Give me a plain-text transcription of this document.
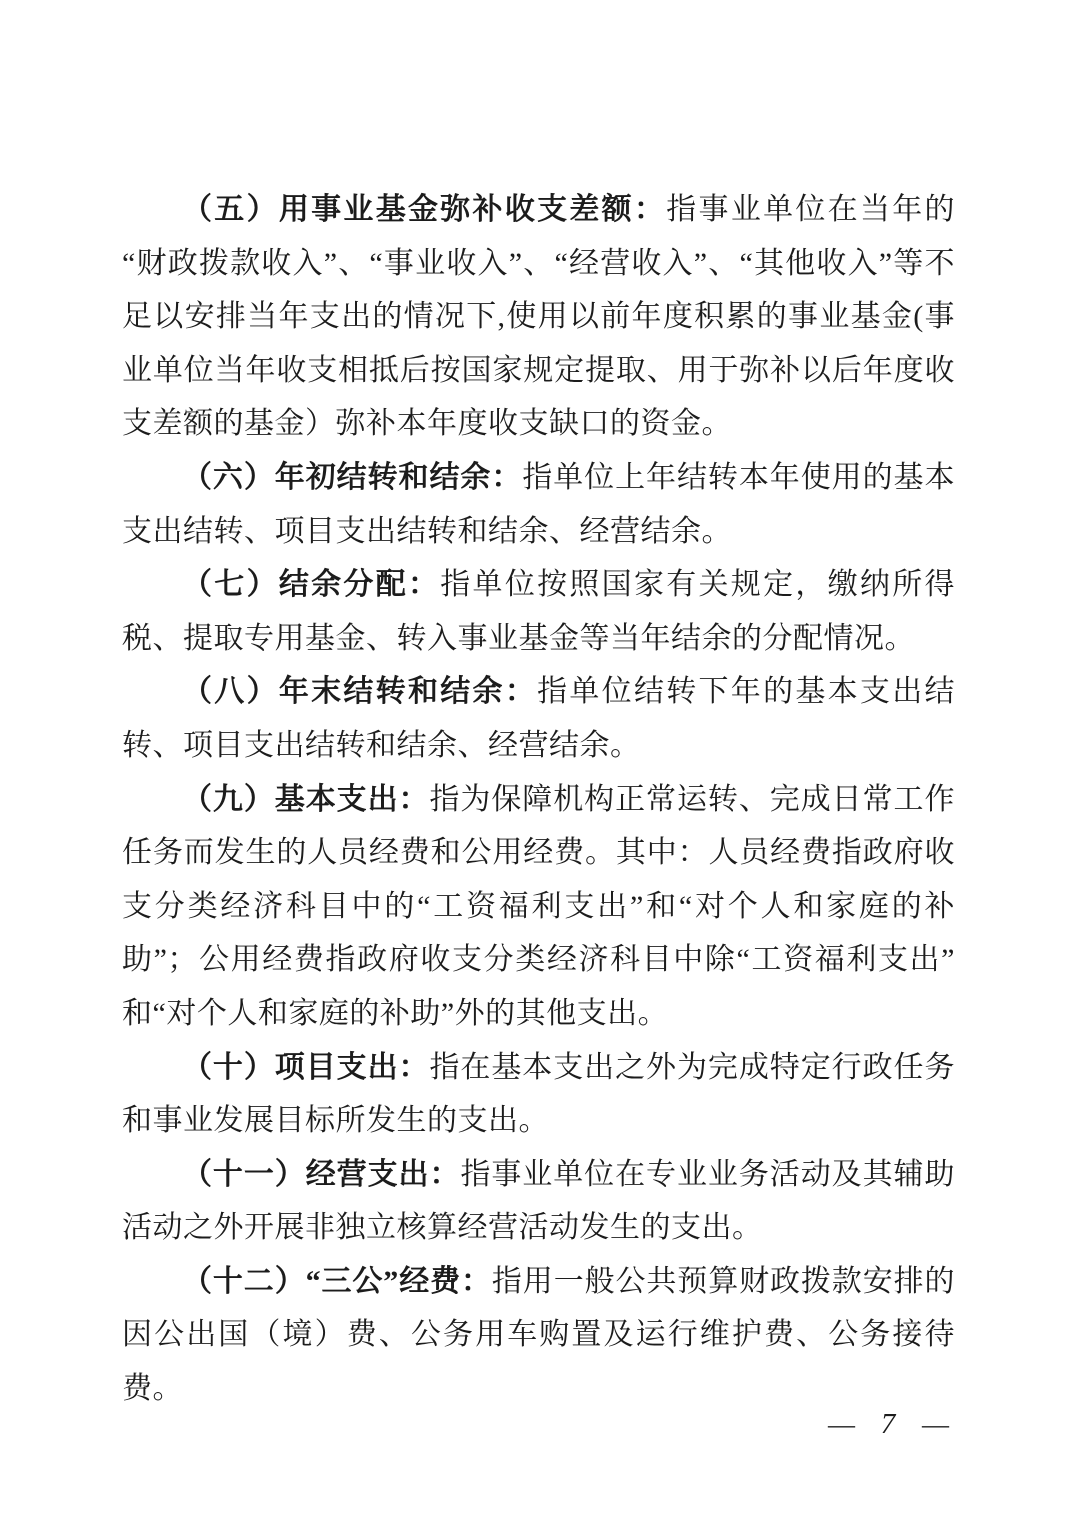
（五）用事业基金弥补收支差额：指事业单位在当年的“财政拨款收入”、“事业收入”、“经营收入”、“其他收入”等不足以安排当年支出的情况下,使用以前年度积累的事业基金(事业单位当年收支相抵后按国家规定提取、用于弥补以后年度收支差额的基金）弥补本年度收支缺口的资金。

（六）年初结转和结余：指单位上年结转本年使用的基本支出结转、项目支出结转和结余、经营结余。

（七）结余分配：指单位按照国家有关规定，缴纳所得税、提取专用基金、转入事业基金等当年结余的分配情况。

（八）年末结转和结余：指单位结转下年的基本支出结转、项目支出结转和结余、经营结余。

（九）基本支出：指为保障机构正常运转、完成日常工作任务而发生的人员经费和公用经费。其中：人员经费指政府收支分类经济科目中的“工资福利支出”和“对个人和家庭的补助”；公用经费指政府收支分类经济科目中除“工资福利支出”和“对个人和家庭的补助”外的其他支出。

（十）项目支出：指在基本支出之外为完成特定行政任务和事业发展目标所发生的支出。

（十一）经营支出：指事业单位在专业业务活动及其辅助活动之外开展非独立核算经营活动发生的支出。

（十二）“三公”经费：指用一般公共预算财政拨款安排的因公出国（境）费、公务用车购置及运行维护费、公务接待费。

— 7 —
